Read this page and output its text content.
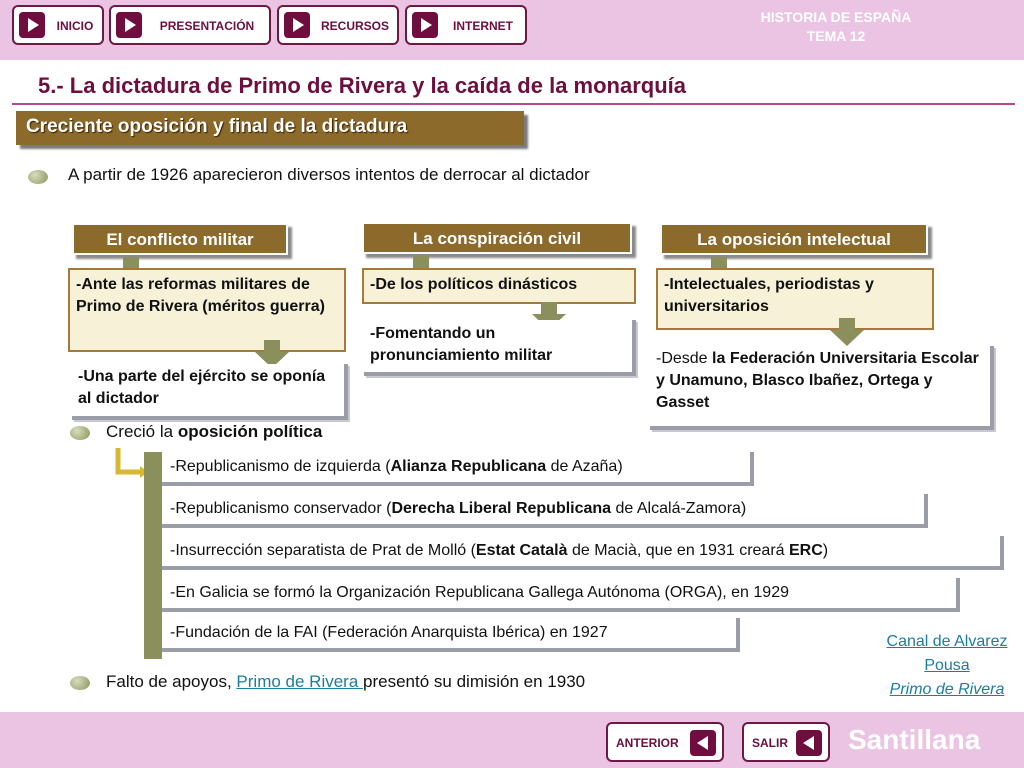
INICIO	PRESENTACIÓN	RECURSOS	INTERNET
HISTORIA DE ESPAÑA
TEMA 12
5.- La dictadura de Primo de Rivera y la caída de la monarquía
Creciente oposición y final de la dictadura
A partir de 1926 aparecieron diversos intentos de derrocar al dictador
El conflicto militar
-Ante las reformas militares de Primo de Rivera (méritos guerra)
-Una parte del ejército se oponía al dictador
La conspiración civil
-De los políticos dinásticos
-Fomentando un pronunciamiento militar
La oposición intelectual
-Intelectuales, periodistas y universitarios
-Desde la Federación Universitaria Escolar y Unamuno, Blasco Ibañez, Ortega y Gasset
Creció la oposición política
-Republicanismo de izquierda (Alianza Republicana de Azaña)
-Republicanismo conservador (Derecha Liberal Republicana de Alcalá-Zamora)
-Insurrección separatista de Prat de Molló (Estat Català de Macià, que en 1931 creará ERC)
-En Galicia se formó la Organización Republicana Gallega Autónoma (ORGA), en 1929
-Fundación de la FAI (Federación Anarquista Ibérica) en 1927
Falto de apoyos, Primo de Rivera presentó su dimisión en 1930
Canal de Alvarez Pousa
Primo de Rivera
ANTERIOR	SALIR Santillana
